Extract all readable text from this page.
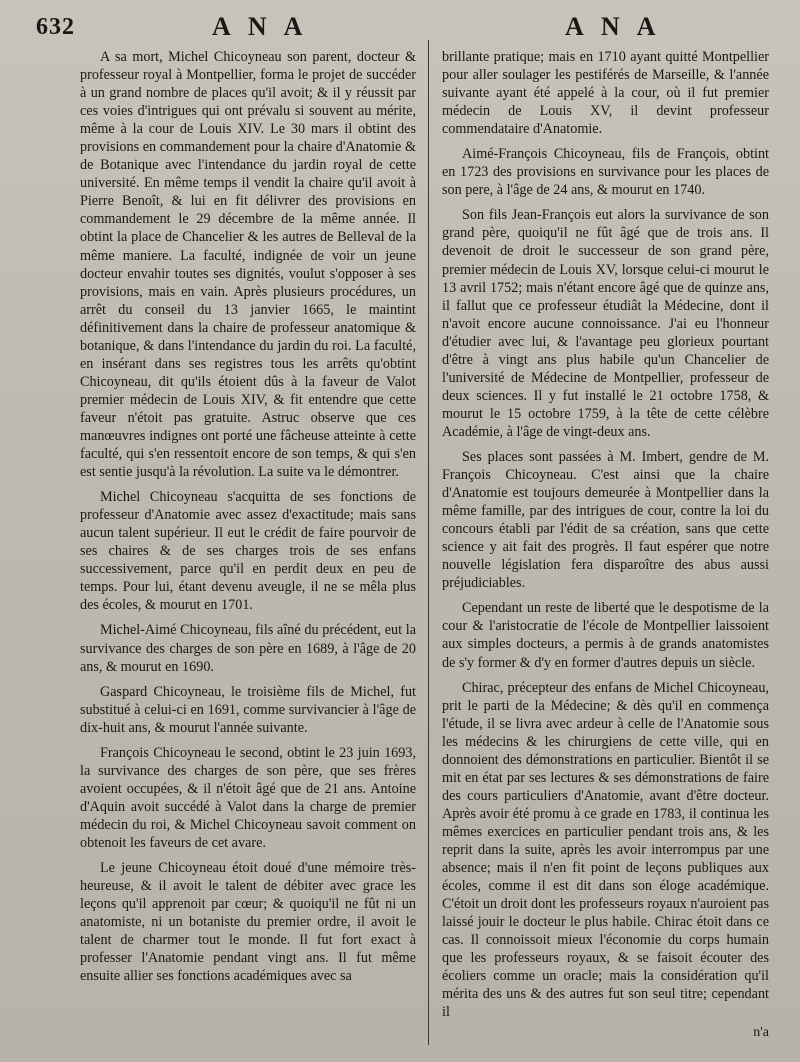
632	A N A	A N A

A sa mort, Michel Chicoyneau son parent, docteur & professeur royal à Montpellier, forma le projet de succéder à un grand nombre de places qu'il avoit; & il y réussit par ces voies d'intrigues qui ont prévalu si souvent au mérite, même à la cour de Louis XIV. Le 30 mars il obtint des provisions en commandement pour la chaire d'Anatomie & de Botanique avec l'intendance du jardin royal de cette université. En même temps il vendit la chaire qu'il avoit à Pierre Benoît, & lui en fit délivrer des provisions en commandement le 29 décembre de la même année. Il obtint la place de Chancelier & les autres de Belleval de la même maniere. La faculté, indignée de voir un jeune docteur envahir toutes ses dignités, voulut s'opposer à ses provisions, mais en vain. Après plusieurs procédures, un arrêt du conseil du 13 janvier 1665, le maintint définitivement dans la chaire de professeur anatomique & botanique, & dans l'intendance du jardin du roi. La faculté, en insérant dans ses registres tous les arrêts qu'obtint Chicoyneau, dit qu'ils étoient dûs à la faveur de Valot premier médecin de Louis XIV, & fit entendre que cette faveur n'étoit pas gratuite. Astruc observe que ces manœuvres indignes ont porté une fâcheuse atteinte à cette faculté, qui s'en ressentoit encore de son temps, & qui s'en est sentie jusqu'à la révolution. La suite va le démontrer.

Michel Chicoyneau s'acquitta de ses fonctions de professeur d'Anatomie avec assez d'exactitude; mais sans aucun talent supérieur. Il eut le crédit de faire pourvoir de ses chaires & de ses charges trois de ses enfans successivement, parce qu'il en perdit deux en peu de temps. Pour lui, étant devenu aveugle, il ne se mêla plus des écoles, & mourut en 1701.

Michel-Aimé Chicoyneau, fils aîné du précédent, eut la survivance des charges de son père en 1689, à l'âge de 20 ans, & mourut en 1690.

Gaspard Chicoyneau, le troisième fils de Michel, fut substitué à celui-ci en 1691, comme survivancier à l'âge de dix-huit ans, & mourut l'année suivante.

François Chicoyneau le second, obtint le 23 juin 1693, la survivance des charges de son père, que ses frères avoient occupées, & il n'étoit âgé que de 21 ans. Antoine d'Aquin avoit succédé à Valot dans la charge de premier médecin du roi, & Michel Chicoyneau savoit comment on obtenoit les faveurs de cet avare.

Le jeune Chicoyneau étoit doué d'une mémoire très-heureuse, & il avoit le talent de débiter avec grace les leçons qu'il apprenoit par cœur; & quoiqu'il ne fût ni un anatomiste, ni un botaniste du premier ordre, il avoit le talent de charmer tout le monde. Il fut fort exact à professer l'Anatomie pendant vingt ans. Il fut même ensuite allier ses fonctions académiques avec sa

brillante pratique; mais en 1710 ayant quitté Montpellier pour aller soulager les pestiférés de Marseille, & l'année suivante ayant été appelé à la cour, où il fut premier médecin de Louis XV, il devint professeur commendataire d'Anatomie.

Aimé-François Chicoyneau, fils de François, obtint en 1723 des provisions en survivance pour les places de son pere, à l'âge de 24 ans, & mourut en 1740.

Son fils Jean-François eut alors la survivance de son grand père, quoiqu'il ne fût âgé que de trois ans. Il devenoit de droit le successeur de son grand père, premier médecin de Louis XV, lorsque celui-ci mourut le 13 avril 1752; mais n'étant encore âgé que de quinze ans, il fallut que ce professeur étudiât la Médecine, dont il n'avoit encore aucune connoissance. J'ai eu l'honneur d'étudier avec lui, & l'avantage peu glorieux pourtant d'être à vingt ans plus habile qu'un Chancelier de l'université de Médecine de Montpellier, professeur de deux sciences. Il y fut installé le 21 octobre 1758, & mourut le 15 octobre 1759, à la tête de cette célèbre Académie, à l'âge de vingt-deux ans.

Ses places sont passées à M. Imbert, gendre de M. François Chicoyneau. C'est ainsi que la chaire d'Anatomie est toujours demeurée à Montpellier dans la même famille, par des intrigues de cour, contre la loi du concours établi par l'édit de sa création, sans que cette science y ait fait des progrès. Il faut espérer que notre nouvelle législation fera disparoître des abus aussi préjudiciables.

Cependant un reste de liberté que le despotisme de la cour & l'aristocratie de l'école de Montpellier laissoient aux simples docteurs, a permis à de grands anatomistes de s'y former & d'y en former d'autres depuis un siècle.

Chirac, précepteur des enfans de Michel Chicoyneau, prit le parti de la Médecine; & dès qu'il en commença l'étude, il se livra avec ardeur à celle de l'Anatomie sous les médecins & les chirurgiens de cette ville, qui en donnoient des démonstrations en particulier. Bientôt il se mit en état par ses lectures & ses démonstrations de faire des cours particuliers d'Anatomie, avant d'être docteur. Après avoir été promu à ce grade en 1783, il continua les mêmes exercices en particulier pendant trois ans, & les reprit dans la suite, après les avoir interrompus par une absence; mais il n'en fit point de leçons publiques aux écoles, comme il est dit dans son éloge académique. C'étoit un droit dont les professeurs royaux n'auroient pas laissé jouir le docteur le plus habile. Chirac étoit dans ce cas. Il connoissoit mieux l'économie du corps humain que les professeurs royaux, & se faisoit écouter des écoliers comme un oracle; mais la considération qu'il mérita des uns & des autres fut son seul titre; cependant il

n'a
